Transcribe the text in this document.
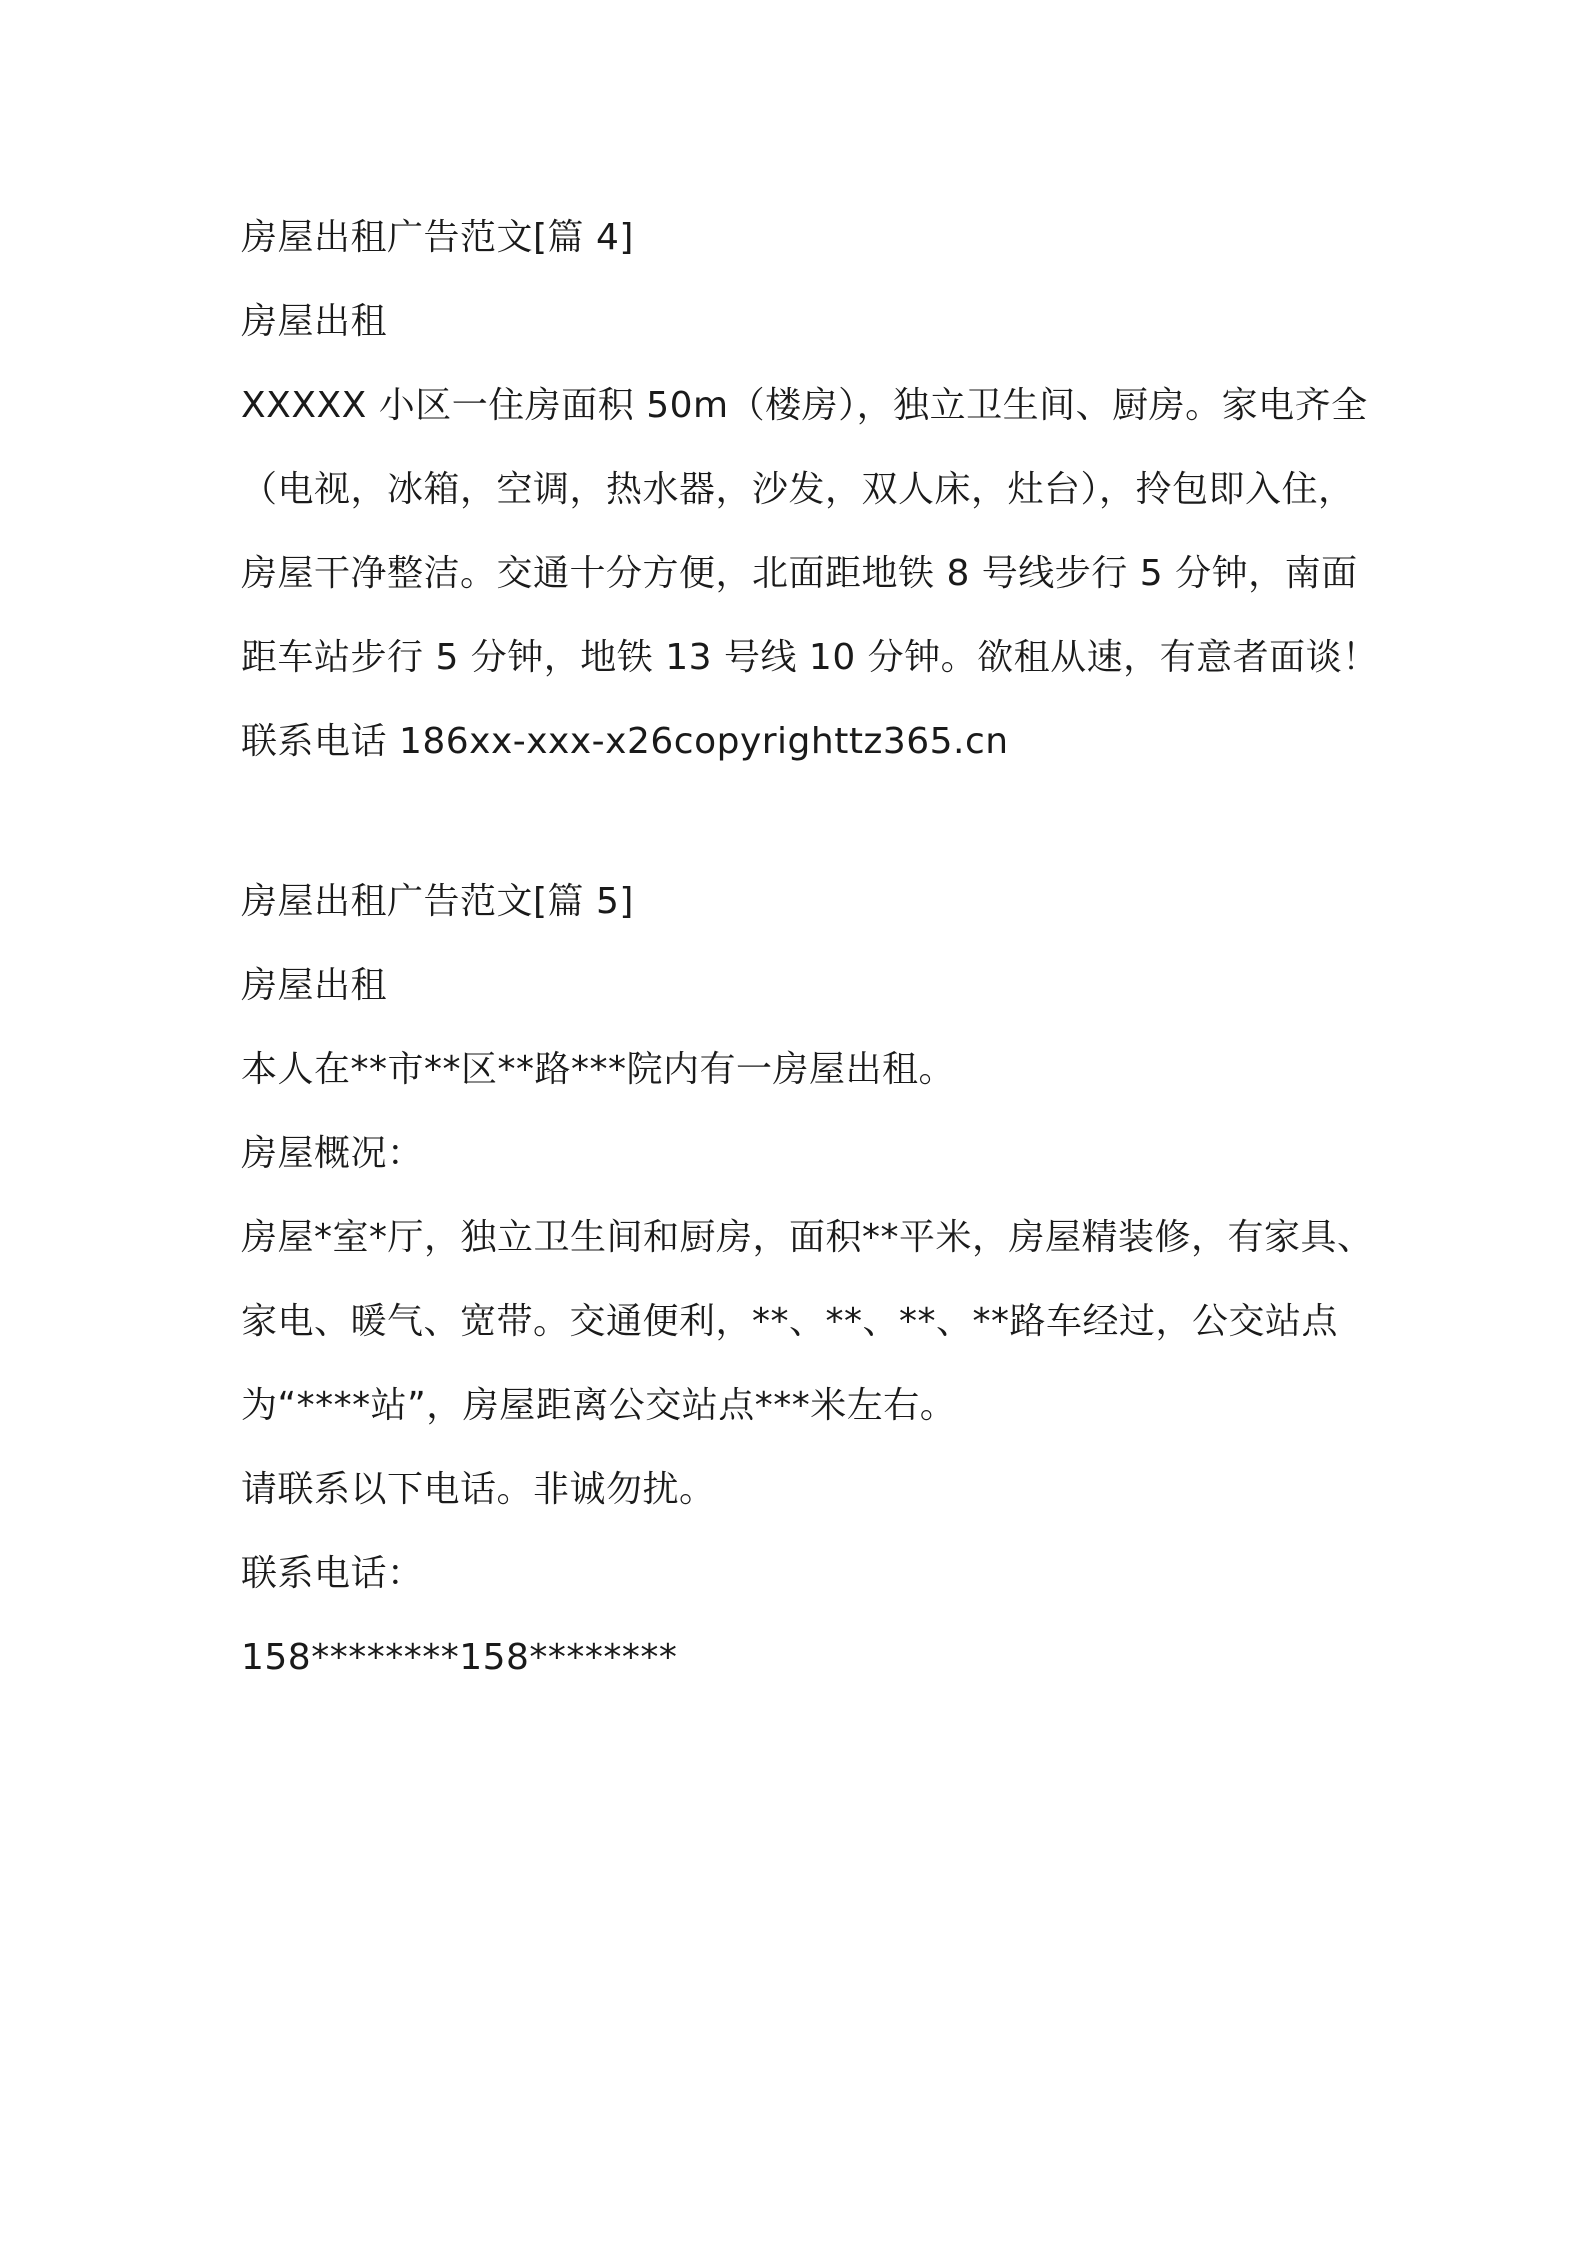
房屋出租广告范文[篇 4]
房屋出租
XXXXX 小区一住房面积 50m（楼房），独立卫生间、厨房。家电齐全
（电视，冰箱，空调，热水器，沙发，双人床，灶台），拎包即入住，
房屋干净整洁。交通十分方便，北面距地铁 8 号线步行 5 分钟，南面
距车站步行 5 分钟，地铁 13 号线 10 分钟。欲租从速，有意者面谈！
联系电话 186xx-xxx-x26copyrighttz365.cn
房屋出租广告范文[篇 5]
房屋出租
本人在**市**区**路***院内有一房屋出租。
房屋概况：
房屋*室*厅，独立卫生间和厨房，面积**平米，房屋精装修，有家具、
家电、暖气、宽带。交通便利，**、**、**、**路车经过，公交站点
为“****站”，房屋距离公交站点***米左右。
请联系以下电话。非诚勿扰。
联系电话：
158********158********
